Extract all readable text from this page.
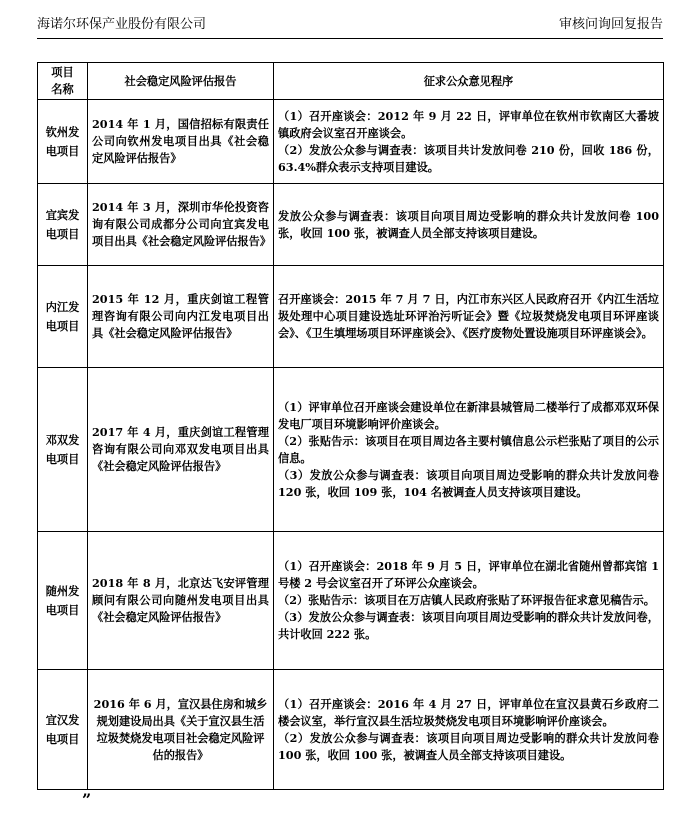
海诺尔环保产业股份有限公司	审核问询回复报告
项目名称	社会稳定风险评估报告	征求公众意见程序
钦州发电项目	2014 年 1 月，国信招标有限责任公司向钦州发电项目出具《社会稳定风险评估报告》	（1）召开座谈会：2012 年 9 月 22 日，评审单位在钦州市钦南区大番坡镇政府会议室召开座谈会。

（2）发放公众参与调查表：该项目共计发放问卷 210 份，回收 186 份，63.4%群众表示支持项目建设。

宜宾发电项目	2014 年 3 月，深圳市华伦投资咨询有限公司成都分公司向宜宾发电项目出具《社会稳定风险评估报告》	发放公众参与调查表：该项目向项目周边受影响的群众共计发放问卷 100 张，收回 100 张，被调查人员全部支持该项目建设。

内江发电项目	2015 年 12 月，重庆剑谊工程管理咨询有限公司向内江发电项目出具《社会稳定风险评估报告》	召开座谈会：2015 年 7 月 7 日，内江市东兴区人民政府召开《内江生活垃圾处理中心项目建设选址环评治污听证会》暨《垃圾焚烧发电项目环评座谈会》、《卫生填埋场项目环评座谈会》、《医疗废物处置设施项目环评座谈会》。

邓双发电项目	2017 年 4 月，重庆剑谊工程管理咨询有限公司向邓双发电项目出具《社会稳定风险评估报告》	（1）评审单位召开座谈会建设单位在新津县城管局二楼举行了成都邓双环保发电厂项目环境影响评价座谈会。

（2）张贴告示：该项目在项目周边各主要村镇信息公示栏张贴了项目的公示信息。

（3）发放公众参与调查表：该项目向项目周边受影响的群众共计发放问卷 120 张，收回 109 张，104 名被调查人员支持该项目建设。

随州发电项目	2018 年 8 月，北京达飞安评管理顾问有限公司向随州发电项目出具《社会稳定风险评估报告》	（1）召开座谈会：2018 年 9 月 5 日，评审单位在湖北省随州曾都宾馆 1 号楼 2 号会议室召开了环评公众座谈会。

（2）张贴告示：该项目在万店镇人民政府张贴了环评报告征求意见稿告示。

（3）发放公众参与调查表：该项目向项目周边受影响的群众共计发放问卷，共计收回 222 张。

宜汉发电项目	2016 年 6 月，宣汉县住房和城乡规划建设局出具《关于宣汉县生活垃圾焚烧发电项目社会稳定风险评估的报告》	（1）召开座谈会：2016 年 4 月 27 日，评审单位在宣汉县黄石乡政府二楼会议室，举行宣汉县生活垃圾焚烧发电项目环境影响评价座谈会。

（2）发放公众参与调查表：该项目向项目周边受影响的群众共计发放问卷 100 张，收回 100 张，被调查人员全部支持该项目建设。

”
